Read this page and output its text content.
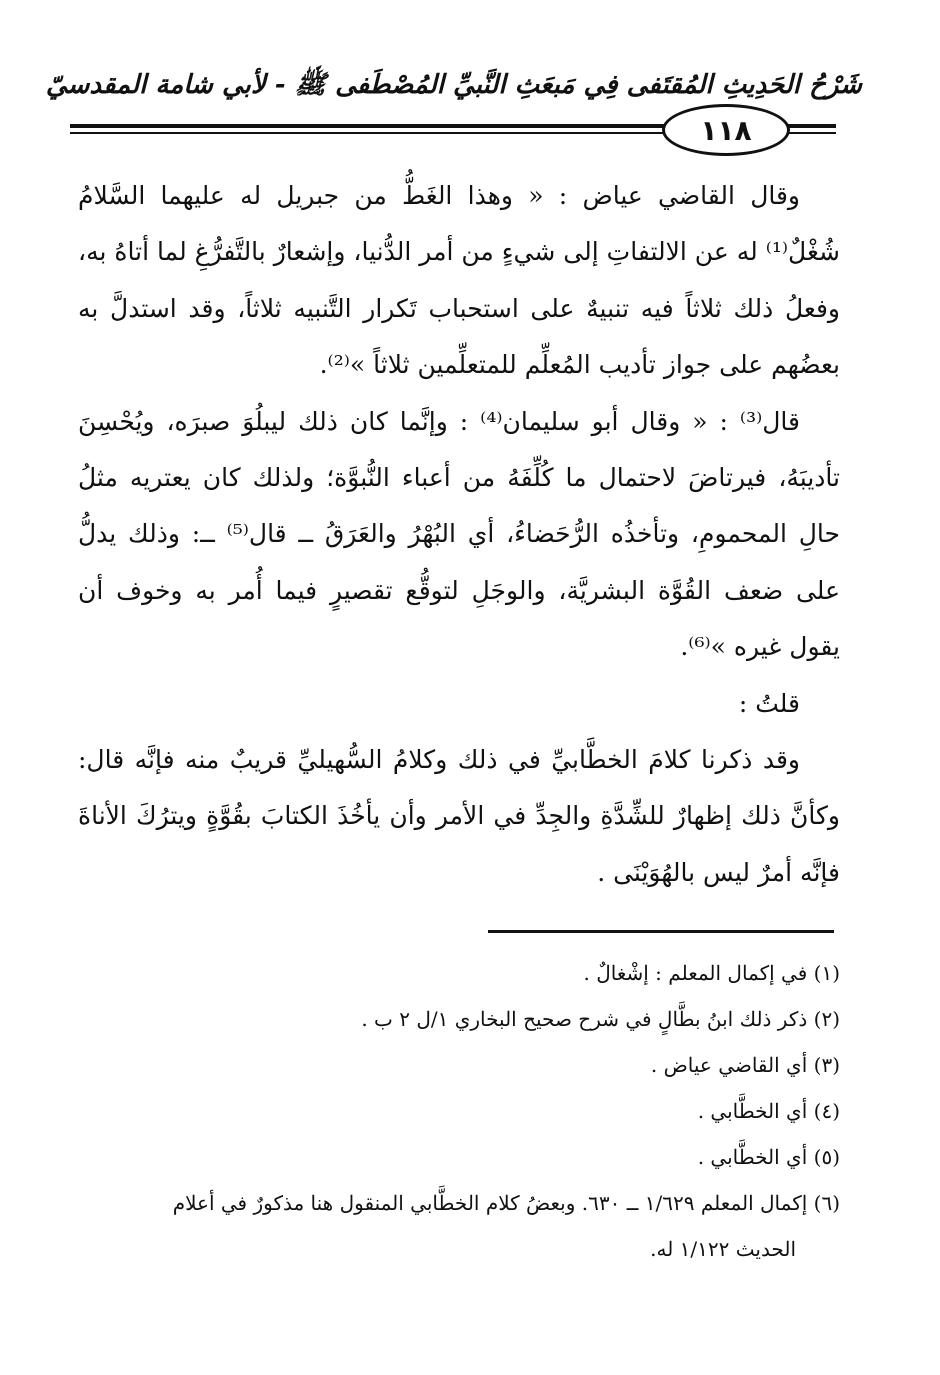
شَرْحُ الحَدِيثِ المُقتَفى فِي مَبعَثِ النَّبيِّ المُصْطَفى ﷺ - لأبي شامة المقدسيّ
١١٨

وقال القاضي عياض : « وهذا الغَطُّ من جبريل له عليهما السَّلامُ شُغْلٌ⁽¹⁾ له عن الالتفاتِ إلى شيءٍ من أمر الدُّنيا، وإشعارٌ بالتَّفرُّغِ لما أتاهُ به، وفعلُ ذلك ثلاثاً فيه تنبيهٌ على استحباب تَكرار التَّنبيه ثلاثاً، وقد استدلَّ به بعضُهم على جواز تأديب المُعلِّم للمتعلِّمين ثلاثاً »⁽²⁾.

قال⁽³⁾ : « وقال أبو سليمان⁽⁴⁾ : وإنَّما كان ذلك ليبلُوَ صبرَه، ويُحْسِنَ تأديبَهُ، فيرتاضَ لاحتمال ما كُلِّفَهُ من أعباء النُّبوَّة؛ ولذلك كان يعتريه مثلُ حالِ المحمومِ، وتأخذُه الرُّحَضاءُ، أي البُهْرُ والعَرَقُ ــ قال⁽⁵⁾ ــ: وذلك يدلُّ على ضعف القُوَّة البشريَّة، والوجَلِ لتوقُّع تقصيرٍ فيما أُمر به وخوف أن يقول غيره »⁽⁶⁾.

قلتُ :

وقد ذكرنا كلامَ الخطَّابيِّ في ذلك وكلامُ السُّهيليِّ قريبٌ منه فإنَّه قال: وكأنَّ ذلك إظهارٌ للشِّدَّةِ والجِدِّ في الأمر وأن يأخُذَ الكتابَ بقُوَّةٍ ويترُكَ الأناةَ فإنَّه أمرٌ ليس بالهُوَيْنَى .

(١) في إكمال المعلم : إشْغالٌ .

(٢) ذكر ذلك ابنُ بطَّالٍ في شرح صحيح البخاري ١/ل ٢ ب .

(٣) أي القاضي عياض .

(٤) أي الخطَّابي .

(٥) أي الخطَّابي .

(٦) إكمال المعلم ١/٦٢٩ ــ ٦٣٠. وبعضُ كلام الخطَّابي المنقول هنا مذكورٌ في أعلام

الحديث ١/١٢٢ له.
